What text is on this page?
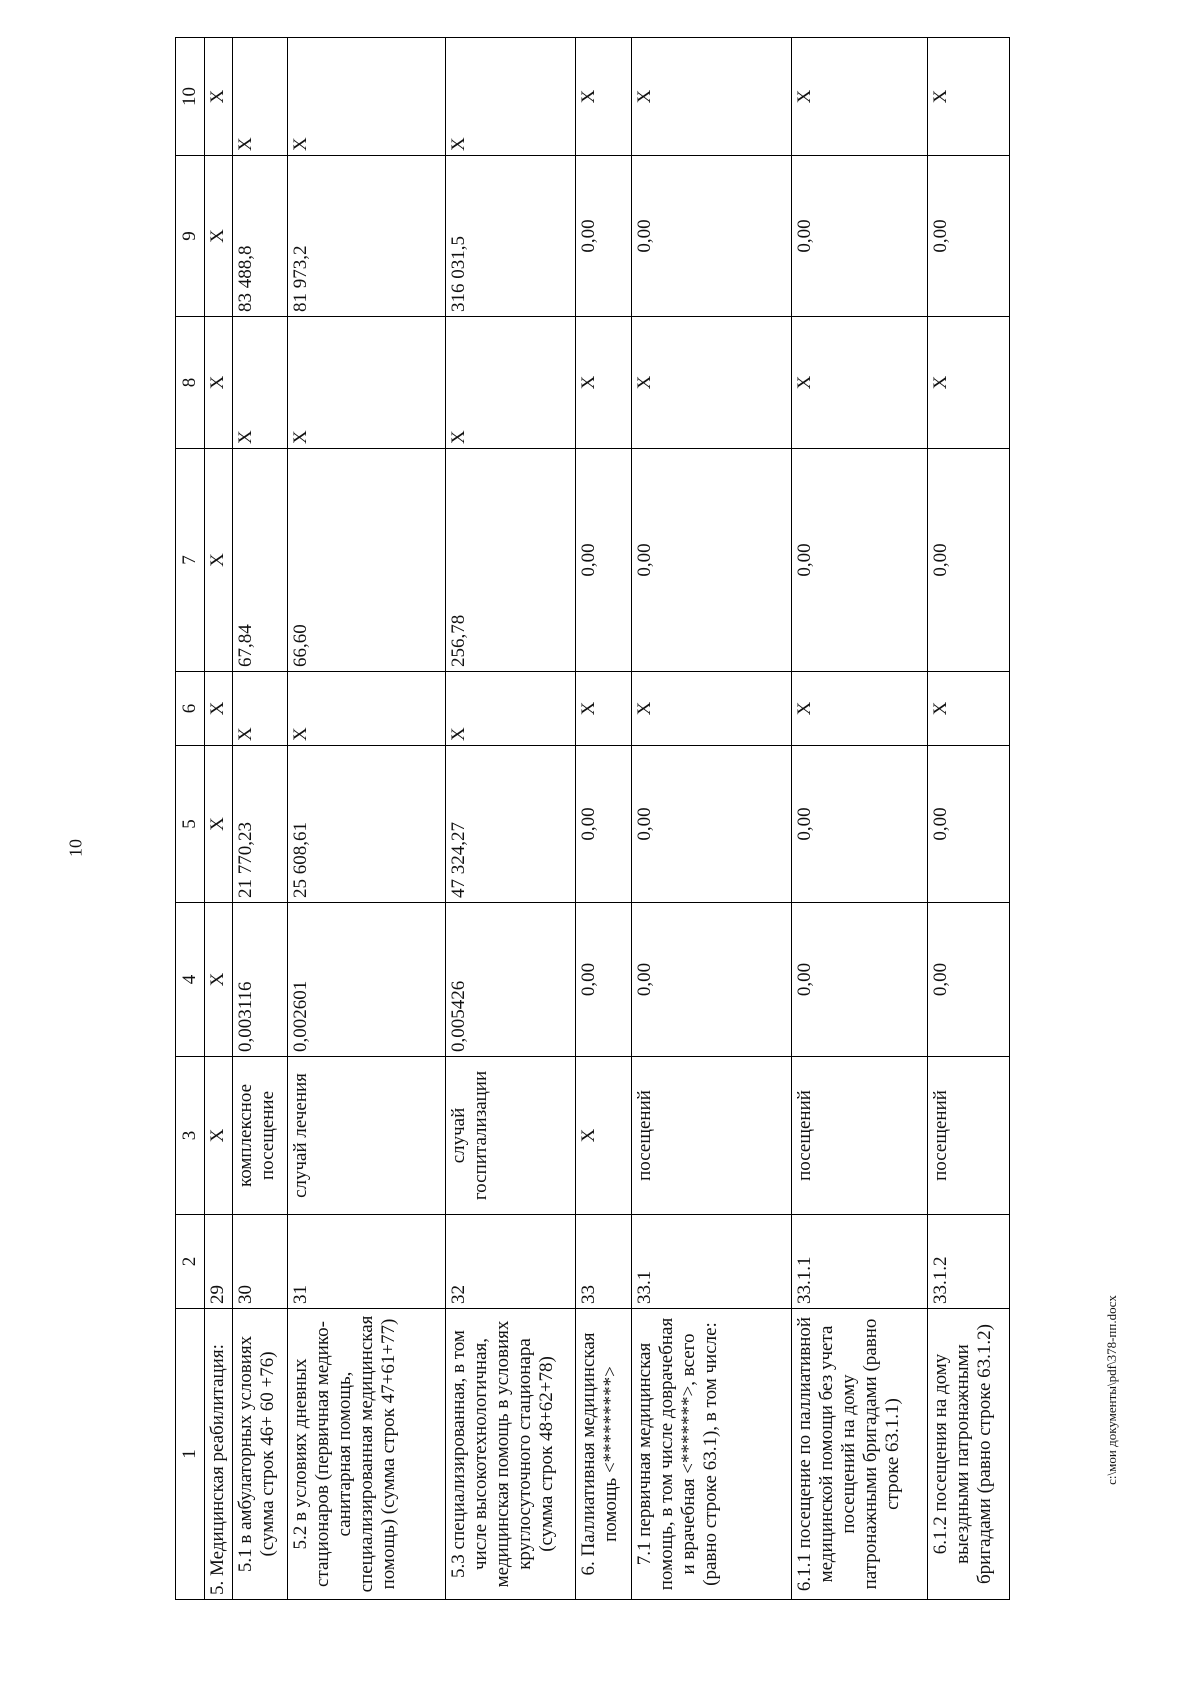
10
c:\мои документы\pdf\378-пп.docx
1	2	3	4	5	6	7	8	9	10
5. Медицинская реабилитация:	29	X	X	X	X	X	X	X	X
5.1 в амбулаторных условиях (сумма строк 46+ 60 +76)	30	комплексное посещение	0,003116	21 770,23	X	67,84	X	83 488,8	X
5.2 в условиях дневных стационаров (первичная медико-санитарная помощь, специализированная медицинская помощь) (сумма строк 47+61+77)	31	случай лечения	0,002601	25 608,61	X	66,60	X	81 973,2	X
5.3 специализированная, в том числе высокотехнологичная, медицинская помощь в условиях круглосуточного стационара (сумма строк 48+62+78)	32	случай госпитализации	0,005426	47 324,27	X	256,78	X	316 031,5	X
6. Паллиативная медицинская помощь <*********>	33	X	0,00	0,00	X	0,00	X	0,00	X
7.1 первичная медицинская помощь, в том числе доврачебная и врачебная <*******>, всего (равно строке 63.1), в том числе:	33.1	посещений	0,00	0,00	X	0,00	X	0,00	X
6.1.1 посещение по паллиативной медицинской помощи без учета посещений на дому патронажными бригадами (равно строке 63.1.1)	33.1.1	посещений	0,00	0,00	X	0,00	X	0,00	X
6.1.2 посещения на дому выездными патронажными бригадами (равно строке 63.1.2)	33.1.2	посещений	0,00	0,00	X	0,00	X	0,00	X
